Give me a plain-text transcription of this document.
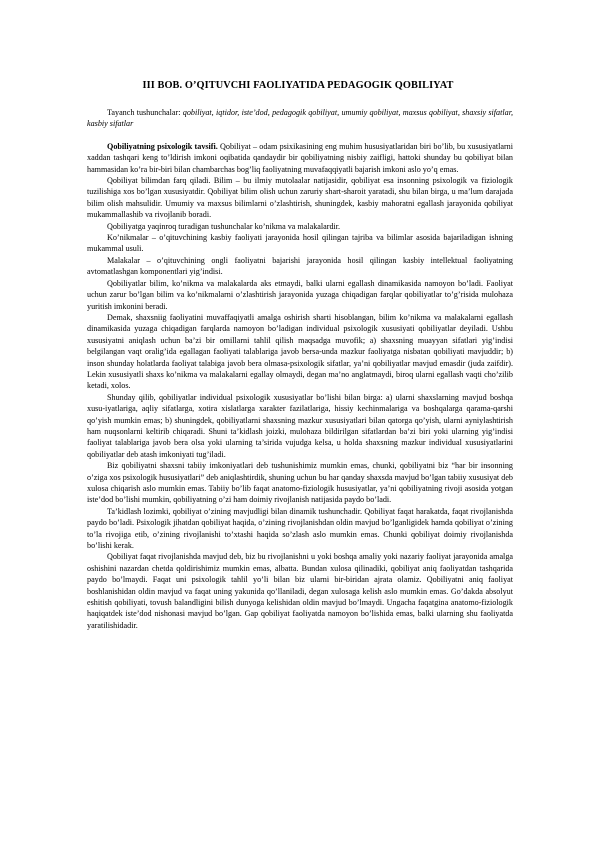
III BOB. O’QITUVCHI FAOLIYATIDA PEDAGOGIK QOBILIYAT

Tayanch tushunchalar: qobiliyat, iqtidor, iste’dod, pedagogik qobiliyat, umumiy qobiliyat, maxsus qobiliyat, shaxsiy sifatlar, kasbiy sifatlar

Qobiliyatning psixologik tavsifi. Qobiliyat – odam psixikasining eng muhim hususiyatlaridan biri bo’lib, bu xususiyatlarni xaddan tashqari keng to’ldirish imkoni oqibatida qandaydir bir qobiliyatning nisbiy zaifligi, hattoki shunday bu qobiliyat bilan hammasidan ko’ra bir-biri bilan chambarchas bog’liq faoliyatning muvafaqqiyatli bajarish imkoni aslo yo’q emas.

Qobiliyat bilimdan farq qiladi. Bilim – bu ilmiy mutolaalar natijasidir, qobiliyat esa insonning psixologik va fiziologik tuzilishiga xos bo’lgan xususiyatdir. Qobiliyat bilim olish uchun zaruriy shart-sharoit yaratadi, shu bilan birga, u ma’lum darajada bilim olish mahsulidir. Umumiy va maxsus bilimlarni o’zlashtirish, shuningdek, kasbiy mahoratni egallash jarayonida qobiliyat mukammallashib va rivojlanib boradi.

Qobiliyatga yaqinroq turadigan tushunchalar ko’nikma va malakalardir.

Ko’nikmalar – o’qituvchining kasbiy faoliyati jarayonida hosil qilingan tajriba va bilimlar asosida bajariladigan ishning mukammal usuli.

Malakalar – o’qituvchining ongli faoliyatni bajarishi jarayonida hosil qilingan kasbiy intellektual faoliyatning avtomatlashgan komponentlari yig’indisi.

Qobiliyatlar bilim, ko’nikma va malakalarda aks etmaydi, balki ularni egallash dinamikasida namoyon bo’ladi. Faoliyat uchun zarur bo’lgan bilim va ko’nikmalarni o’zlashtirish jarayonida yuzaga chiqadigan farqlar qobiliyatlar to’g’risida mulohaza yuritish imkonini beradi.

Demak, shaxsniig faoliyatini muvaffaqiyatli amalga oshirish sharti hisoblangan, bilim ko’nikma va malakalarni egallash dinamikasida yuzaga chiqadigan farqlarda namoyon bo’ladigan individual psixologik xususiyati qobiliyatlar deyiladi. Ushbu xususiyatni aniqlash uchun ba’zi bir omillarni tahlil qilish maqsadga muvofik; a) shaxsning muayyan sifatlari yig’indisi belgilangan vaqt oralig’ida egallagan faoliyati talablariga javob bersa-unda mazkur faoliyatga nisbatan qobiliyati mavjuddir; b) inson shunday holatlarda faoliyat talabiga javob bera olmasa-psixologik sifatlar, ya’ni qobiliyatlar mavjud emasdir (juda zaifdir). Lekin xususiyatli shaxs ko’nikma va malakalarni egallay olmaydi, degan ma’no anglatmaydi, biroq ularni egallash vaqti cho’zilib ketadi, xolos.

Shunday qilib, qobiliyatlar individual psixologik xususiyatlar bo’lishi bilan birga: a) ularni shaxslarning mavjud boshqa xusu-iyatlariga, aqliy sifatlarga, xotira xislatlarga xarakter fazilatlariga, hissiy kechinmalariga va boshqalarga qarama-qarshi qo’yish mumkin emas; b) shuningdek, qobiliyatlarni shaxsning mazkur xususiyatlari bilan qatorga qo’yish, ularni ayniylashtirish ham nuqsonlarni keltirib chiqaradi. Shuni ta’kidlash joizki, mulohaza bildirilgan sifatlardan ba’zi biri yoki ularning yig’indisi faoliyat talablariga javob bera olsa yoki ularning ta’sirida vujudga kelsa, u holda shaxsning mazkur individual xususiyatlarini qobiliyatlar deb atash imkoniyati tug’iladi.

Biz qobiliyatni shaxsni tabiiy imkoniyatlari deb tushunishimiz mumkin emas, chunki, qobiliyatni biz “har bir insonning o’ziga xos psixologik hususiyatlari” deb aniqlashtirdik, shuning uchun bu har qanday shaxsda mavjud bo’lgan tabiiy xususiyat deb xulosa chiqarish aslo mumkin emas. Tabiiy bo’lib faqat anatomo-fiziologik hususiyatlar, ya’ni qobiliyatning rivoji asosida yotgan iste’dod bo’lishi mumkin, qobiliyatning o’zi ham doimiy rivojlanish natijasida paydo bo’ladi.

Ta’kidlash lozimki, qobiliyat o’zining mavjudligi bilan dinamik tushunchadir. Qobiliyat faqat harakatda, faqat rivojlanishda paydo bo’ladi. Psixologik jihatdan qobiliyat haqida, o’zining rivojlanishdan oldin mavjud bo’lganligidek hamda qobiliyat o’zining to’la rivojiga etib, o’zining rivojlanishi to’xtashi haqida so’zlash aslo mumkin emas. Chunki qobiliyat doimiy rivojlanishda bo’lishi kerak.

Qobiliyat faqat rivojlanishda mavjud deb, biz bu rivojlanishni u yoki boshqa amaliy yoki nazariy faoliyat jarayonida amalga oshishini nazardan chetda qoldirishimiz mumkin emas, albatta. Bundan xulosa qilinadiki, qobiliyat aniq faoliyatdan tashqarida paydo bo’lmaydi. Faqat uni psixologik tahlil yo’li bilan biz ularni bir-biridan ajrata olamiz. Qobiliyatni aniq faoliyat boshlanishidan oldin mavjud va faqat uning yakunida qo’llaniladi, degan xulosaga kelish aslo mumkin emas. Go’dakda absolyut eshitish qobiliyati, tovush balandligini bilish dunyoga kelishidan oldin mavjud bo’lmaydi. Ungacha faqatgina anatomo-fiziologik haqiqatdek iste’dod nishonasi mavjud bo’lgan. Gap qobiliyat faoliyatda namoyon bo’lishida emas, balki ularning shu faoliyatda yaratilishidadir.
